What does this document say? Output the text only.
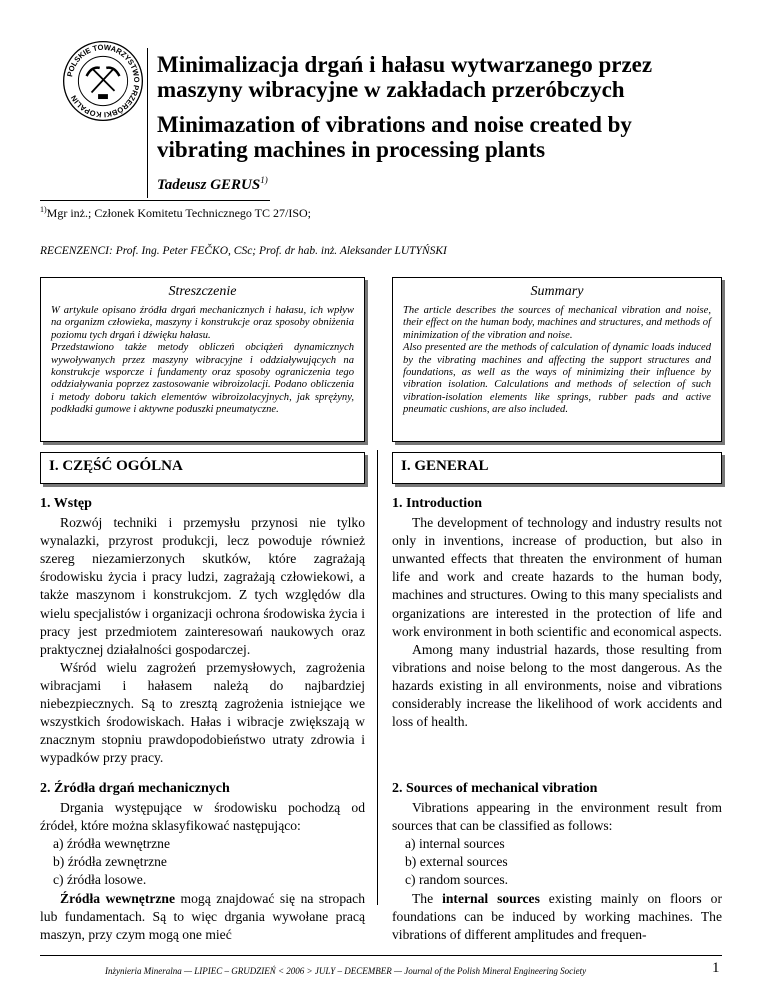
POLSKIE TOWARZYSTWO PRZERÓBKI KOPALIN
Minimalizacja drgań i hałasu wytwarzanego przez maszyny wibracyjne w zakładach przeróbczych
Minimazation of vibrations and noise created by vibrating machines in processing plants
Tadeusz GERUS$^{1)}$
$^{1)}$Mgr inż.; Członek Komitetu Technicznego TC 27/ISO;
RECENZENCI: Prof. Ing. Peter FEČKO, CSc; Prof. dr hab. inż. Aleksander LUTYŃSKI
Streszczenie

W artykule opisano źródła drgań mechanicznych i hałasu, ich wpływ na organizm człowieka, maszyny i konstrukcje oraz sposoby obniżenia poziomu tych drgań i dźwięku hałasu.

Przedstawiono także metody obliczeń obciążeń dynamicznych wywoływanych przez maszyny wibracyjne i oddziaływujących na konstrukcje wsporcze i fundamenty oraz sposoby ograniczenia tego oddziaływania poprzez zastosowanie wibroizolacji. Podano obliczenia i metody doboru takich elementów wibroizolacyjnych, jak sprężyny, podkładki gumowe i aktywne poduszki pneumatyczne.

Summary

The article describes the sources of mechanical vibration and noise, their effect on the human body, machines and structures, and methods of minimization of the vibration and noise.

Also presented are the methods of calculation of dynamic loads induced by the vibrating machines and affecting the support structures and foundations, as well as the ways of minimizing their influence by vibration isolation. Calculations and methods of selection of such vibration-isolation elements like springs, rubber pads and active pneumatic cushions, are also included.

I. CZĘŚĆ OGÓLNA	I. GENERAL
1. Wstęp

Rozwój techniki i przemysłu przynosi nie tylko wynalazki, przyrost produkcji, lecz powoduje również szereg niezamierzonych skutków, które zagrażają środowisku życia i pracy ludzi, zagrażają człowiekowi, a także maszynom i konstrukcjom. Z tych względów dla wielu specjalistów i organizacji ochrona środowiska życia i pracy jest przedmiotem zainteresowań naukowych oraz praktycznej działalności gospodarczej.

Wśród wielu zagrożeń przemysłowych, zagrożenia wibracjami i hałasem należą do najbardziej niebezpiecznych. Są to zresztą zagrożenia istniejące we wszystkich środowiskach. Hałas i wibracje zwiększają w znacznym stopniu prawdopodobieństwo utraty zdrowia i wypadków przy pracy.

2. Źródła drgań mechanicznych

Drgania występujące w środowisku pochodzą od źródeł, które można sklasyfikować następująco:

a) źródła wewnętrzne

b) źródła zewnętrzne

c) źródła losowe.

Źródła wewnętrzne mogą znajdować się na stropach lub fundamentach. Są to więc drgania wywołane pracą maszyn, przy czym mogą one mieć

1. Introduction

The development of technology and industry results not only in inventions, increase of production, but also in unwanted effects that threaten the environment of human life and work and create hazards to the human body, machines and structures. Owing to this many specialists and organizations are interested in the protection of life and work environment in both scientific and economical aspects.

Among many industrial hazards, those resulting from vibrations and noise belong to the most dangerous. As the hazards existing in all environments, noise and vibrations considerably increase the likelihood of work accidents and loss of health.

2. Sources of mechanical vibration

Vibrations appearing in the environment result from sources that can be classified as follows:

a) internal sources

b) external sources

c) random sources.

The internal sources existing mainly on floors or foundations can be induced by working machines. The vibrations of different amplitudes and frequen-

Inżynieria Mineralna — LIPIEC – GRUDZIEŃ < 2006 > JULY – DECEMBER — Journal of the Polish Mineral Engineering Society	1
